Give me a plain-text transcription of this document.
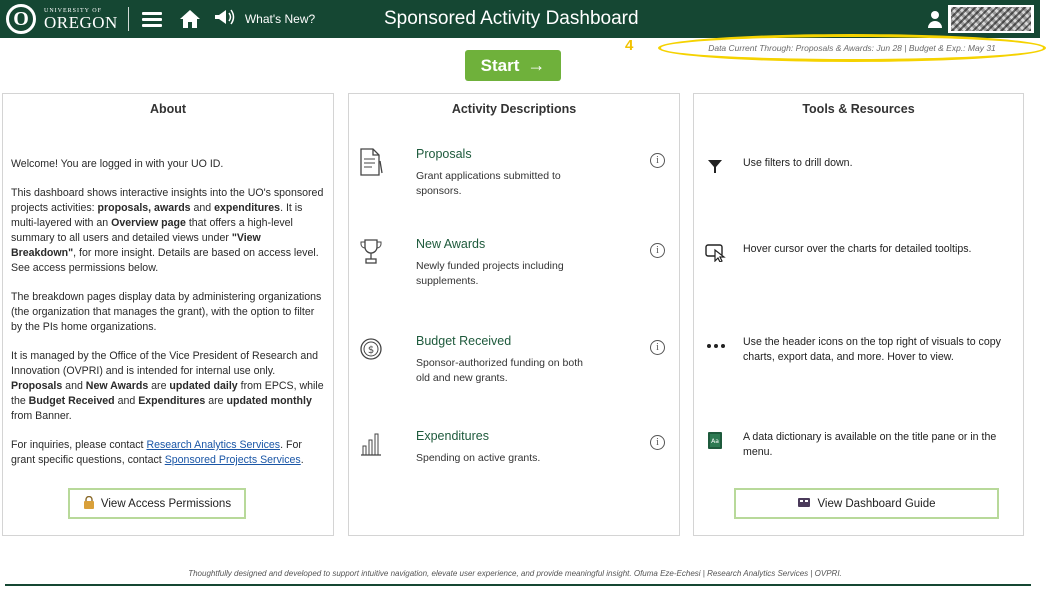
O	UNIVERSITY OF
OREGON	What's New?	Sponsored Activity Dashboard
Start →
4	Data Current Through: Proposals & Awards: Jun 28 | Budget & Exp.: May 31
About

Welcome! You are logged in with your UO ID.

This dashboard shows interactive insights into the UO's sponsored projects activities: proposals, awards and expenditures. It is multi-layered with an Overview page that offers a high-level summary to all users and detailed views under "View Breakdown", for more insight. Details are based on access level. See access permissions below.

The breakdown pages display data by administering organizations (the organization that manages the grant), with the option to filter by the PIs home organizations.

It is managed by the Office of the Vice President of Research and Innovation (OVPRI) and is intended for internal use only. Proposals and New Awards are updated daily from EPCS, while the Budget Received and Expenditures are updated monthly from Banner.

For inquiries, please contact Research Analytics Services. For grant specific questions, contact Sponsored Projects Services.

View Access Permissions
Activity Descriptions
Proposals
Grant applications submitted to sponsors.
i
New Awards
Newly funded projects including supplements.
i
$
Budget Received
Sponsor-authorized funding on both old and new grants.
i
Expenditures
Spending on active grants.
i
Tools & Resources
Use filters to drill down.
Hover cursor over the charts for detailed tooltips.
Use the header icons on the top right of visuals to copy charts, export data, and more. Hover to view.
Aa A data dictionary is available on the title pane or in the menu.
View Dashboard Guide
Thoughtfully designed and developed to support intuitive navigation, elevate user experience, and provide meaningful insight. Ofuma Eze-Echesi | Research Analytics Services | OVPRI.
